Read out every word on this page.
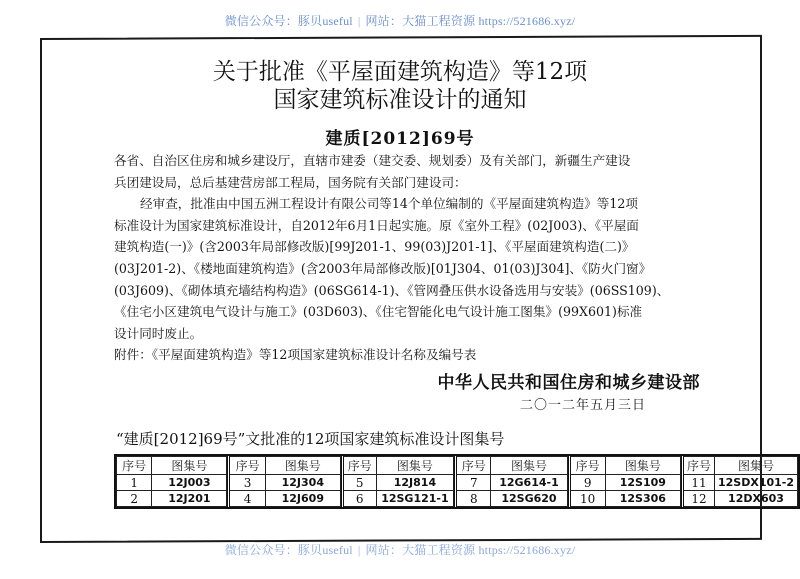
微信公众号：豚贝useful | 网站：大猫工程资源 https://521686.xyz/
关于批准《平屋面建筑构造》等12项
国家建筑标准设计的通知
建质[2012]69号

各省、自治区住房和城乡建设厅，直辖市建委（建交委、规划委）及有关部门，新疆生产建设

兵团建设局，总后基建营房部工程局，国务院有关部门建设司：

经审查，批准由中国五洲工程设计有限公司等14个单位编制的《平屋面建筑构造》等12项

标准设计为国家建筑标准设计，自2012年6月1日起实施。原《室外工程》(02J003)、《平屋面

建筑构造(一)》(含2003年局部修改版)[99J201-1、99(03)J201-1]、《平屋面建筑构造(二)》

(03J201-2)、《楼地面建筑构造》(含2003年局部修改版)[01J304、01(03)J304]、《防火门窗》

(03J609)、《砌体填充墙结构构造》(06SG614-1)、《管网叠压供水设备选用与安装》(06SS109)、

《住宅小区建筑电气设计与施工》(03D603)、《住宅智能化电气设计施工图集》(99X601)标准

设计同时废止。

附件：《平屋面建筑构造》等12项国家建筑标准设计名称及编号表

中华人民共和国住房和城乡建设部
二〇一二年五月三日
“建质[2012]69号”文批准的12项国家建筑标准设计图集号
序号	图集号
1	12J003
2	12J201
序号	图集号
3	12J304
4	12J609
序号	图集号
5	12J814
6	12SG121-1
序号	图集号
7	12G614-1
8	12SG620
序号	图集号
9	12S109
10	12S306
序号	图集号
11	12SDX101-2
12	12DX603
微信公众号：豚贝useful | 网站：大猫工程资源 https://521686.xyz/
